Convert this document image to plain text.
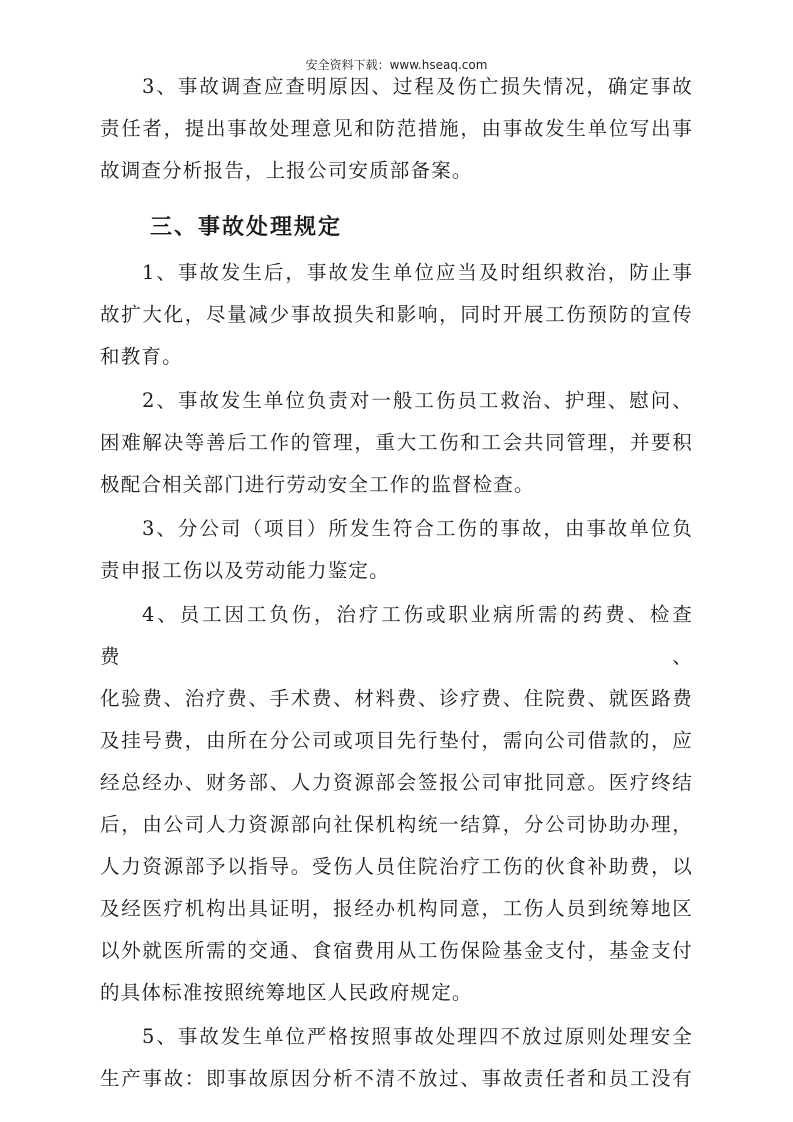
安全资料下载：www.hseaq.com

3、事故调查应查明原因、过程及伤亡损失情况，确定事故

责任者，提出事故处理意见和防范措施，由事故发生单位写出事

故调查分析报告，上报公司安质部备案。

三、事故处理规定

1、事故发生后，事故发生单位应当及时组织救治，防止事

故扩大化，尽量减少事故损失和影响，同时开展工伤预防的宣传

和教育。

2、事故发生单位负责对一般工伤员工救治、护理、慰问、

困难解决等善后工作的管理，重大工伤和工会共同管理，并要积

极配合相关部门进行劳动安全工作的监督检查。

3、分公司（项目）所发生符合工伤的事故，由事故单位负

责申报工伤以及劳动能力鉴定。

4、员工因工负伤，治疗工伤或职业病所需的药费、检查费、

化验费、治疗费、手术费、材料费、诊疗费、住院费、就医路费

及挂号费，由所在分公司或项目先行垫付，需向公司借款的，应

经总经办、财务部、人力资源部会签报公司审批同意。医疗终结

后，由公司人力资源部向社保机构统一结算，分公司协助办理，

人力资源部予以指导。受伤人员住院治疗工伤的伙食补助费，以

及经医疗机构出具证明，报经办机构同意，工伤人员到统筹地区

以外就医所需的交通、食宿费用从工伤保险基金支付，基金支付

的具体标准按照统筹地区人民政府规定。

5、事故发生单位严格按照事故处理四不放过原则处理安全

生产事故：即事故原因分析不清不放过、事故责任者和员工没有
